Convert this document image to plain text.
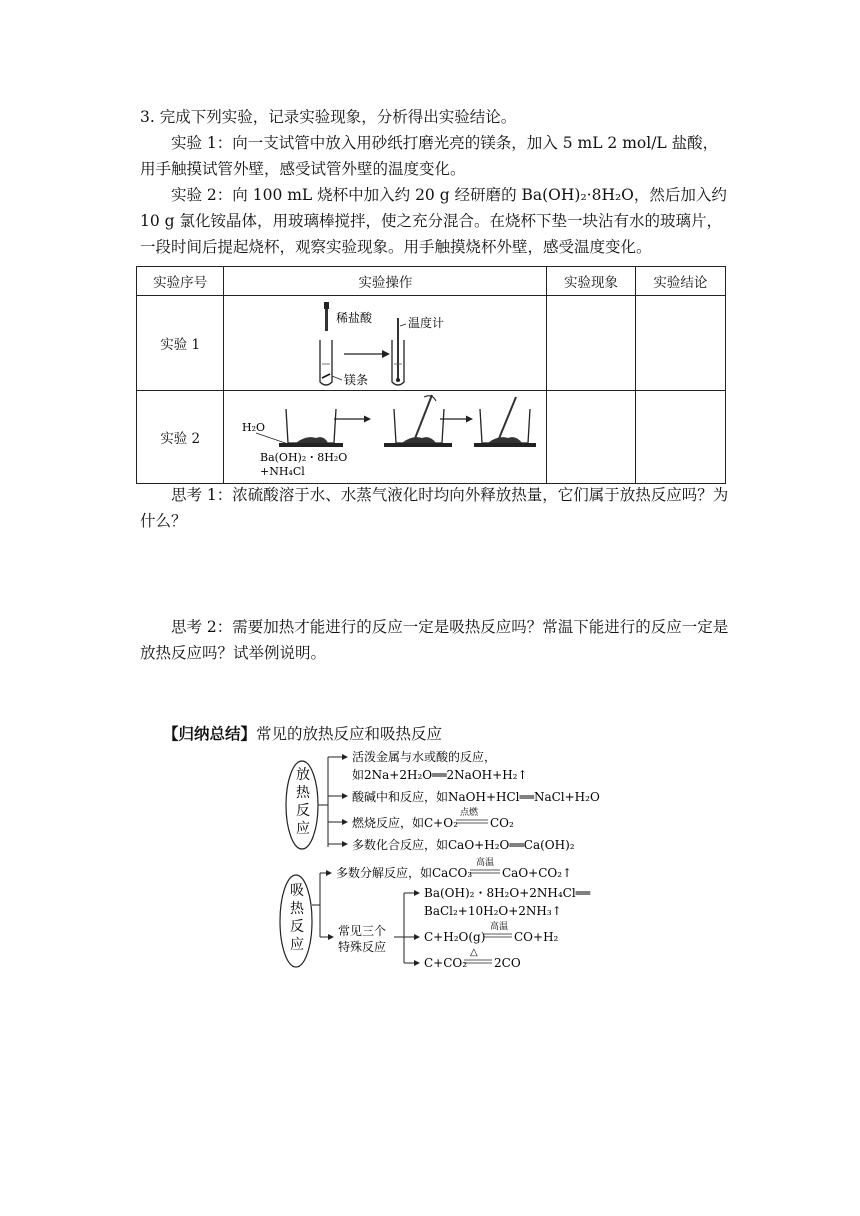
3. 完成下列实验，记录实验现象，分析得出实验结论。
实验 1：向一支试管中放入用砂纸打磨光亮的镁条，加入 5 mL 2 mol/L 盐酸，用手触摸试管外壁，感受试管外壁的温度变化。
实验 2：向 100 mL 烧杯中加入约 20 g 经研磨的 Ba(OH)₂·8H₂O，然后加入约 10 g 氯化铵晶体，用玻璃棒搅拌，使之充分混合。在烧杯下垫一块沾有水的玻璃片，一段时间后提起烧杯，观察实验现象。用手触摸烧杯外壁，感受温度变化。
实验序号	实验操作	实验现象	实验结论
实验 1	稀盐酸
镁条
温度计		

实验 2	H₂O
Ba(OH)₂・8H₂O
+NH₄Cl		

思考 1：浓硫酸溶于水、水蒸气液化时均向外释放热量，它们属于放热反应吗？为什么？
思考 2：需要加热才能进行的反应一定是吸热反应吗？常温下能进行的反应一定是放热反应吗？试举例说明。
【归纳总结】常见的放热反应和吸热反应
放
热
反
应
活泼金属与水或酸的反应，
如2Na+2H₂O══2NaOH+H₂↑
酸碱中和反应，如NaOH+HCl══NaCl+H₂O
燃烧反应，如C+O₂	CO₂
点燃
多数化合反应，如CaO+H₂O══Ca(OH)₂
吸
热
反
应
多数分解反应，如CaCO₃ CaO+CO₂↑
高温
常见三个
特殊反应
Ba(OH)₂・8H₂O+2NH₄Cl══
BaCl₂+10H₂O+2NH₃↑
C+H₂O(g) CO+H₂
高温
C+CO₂ 2CO
△
